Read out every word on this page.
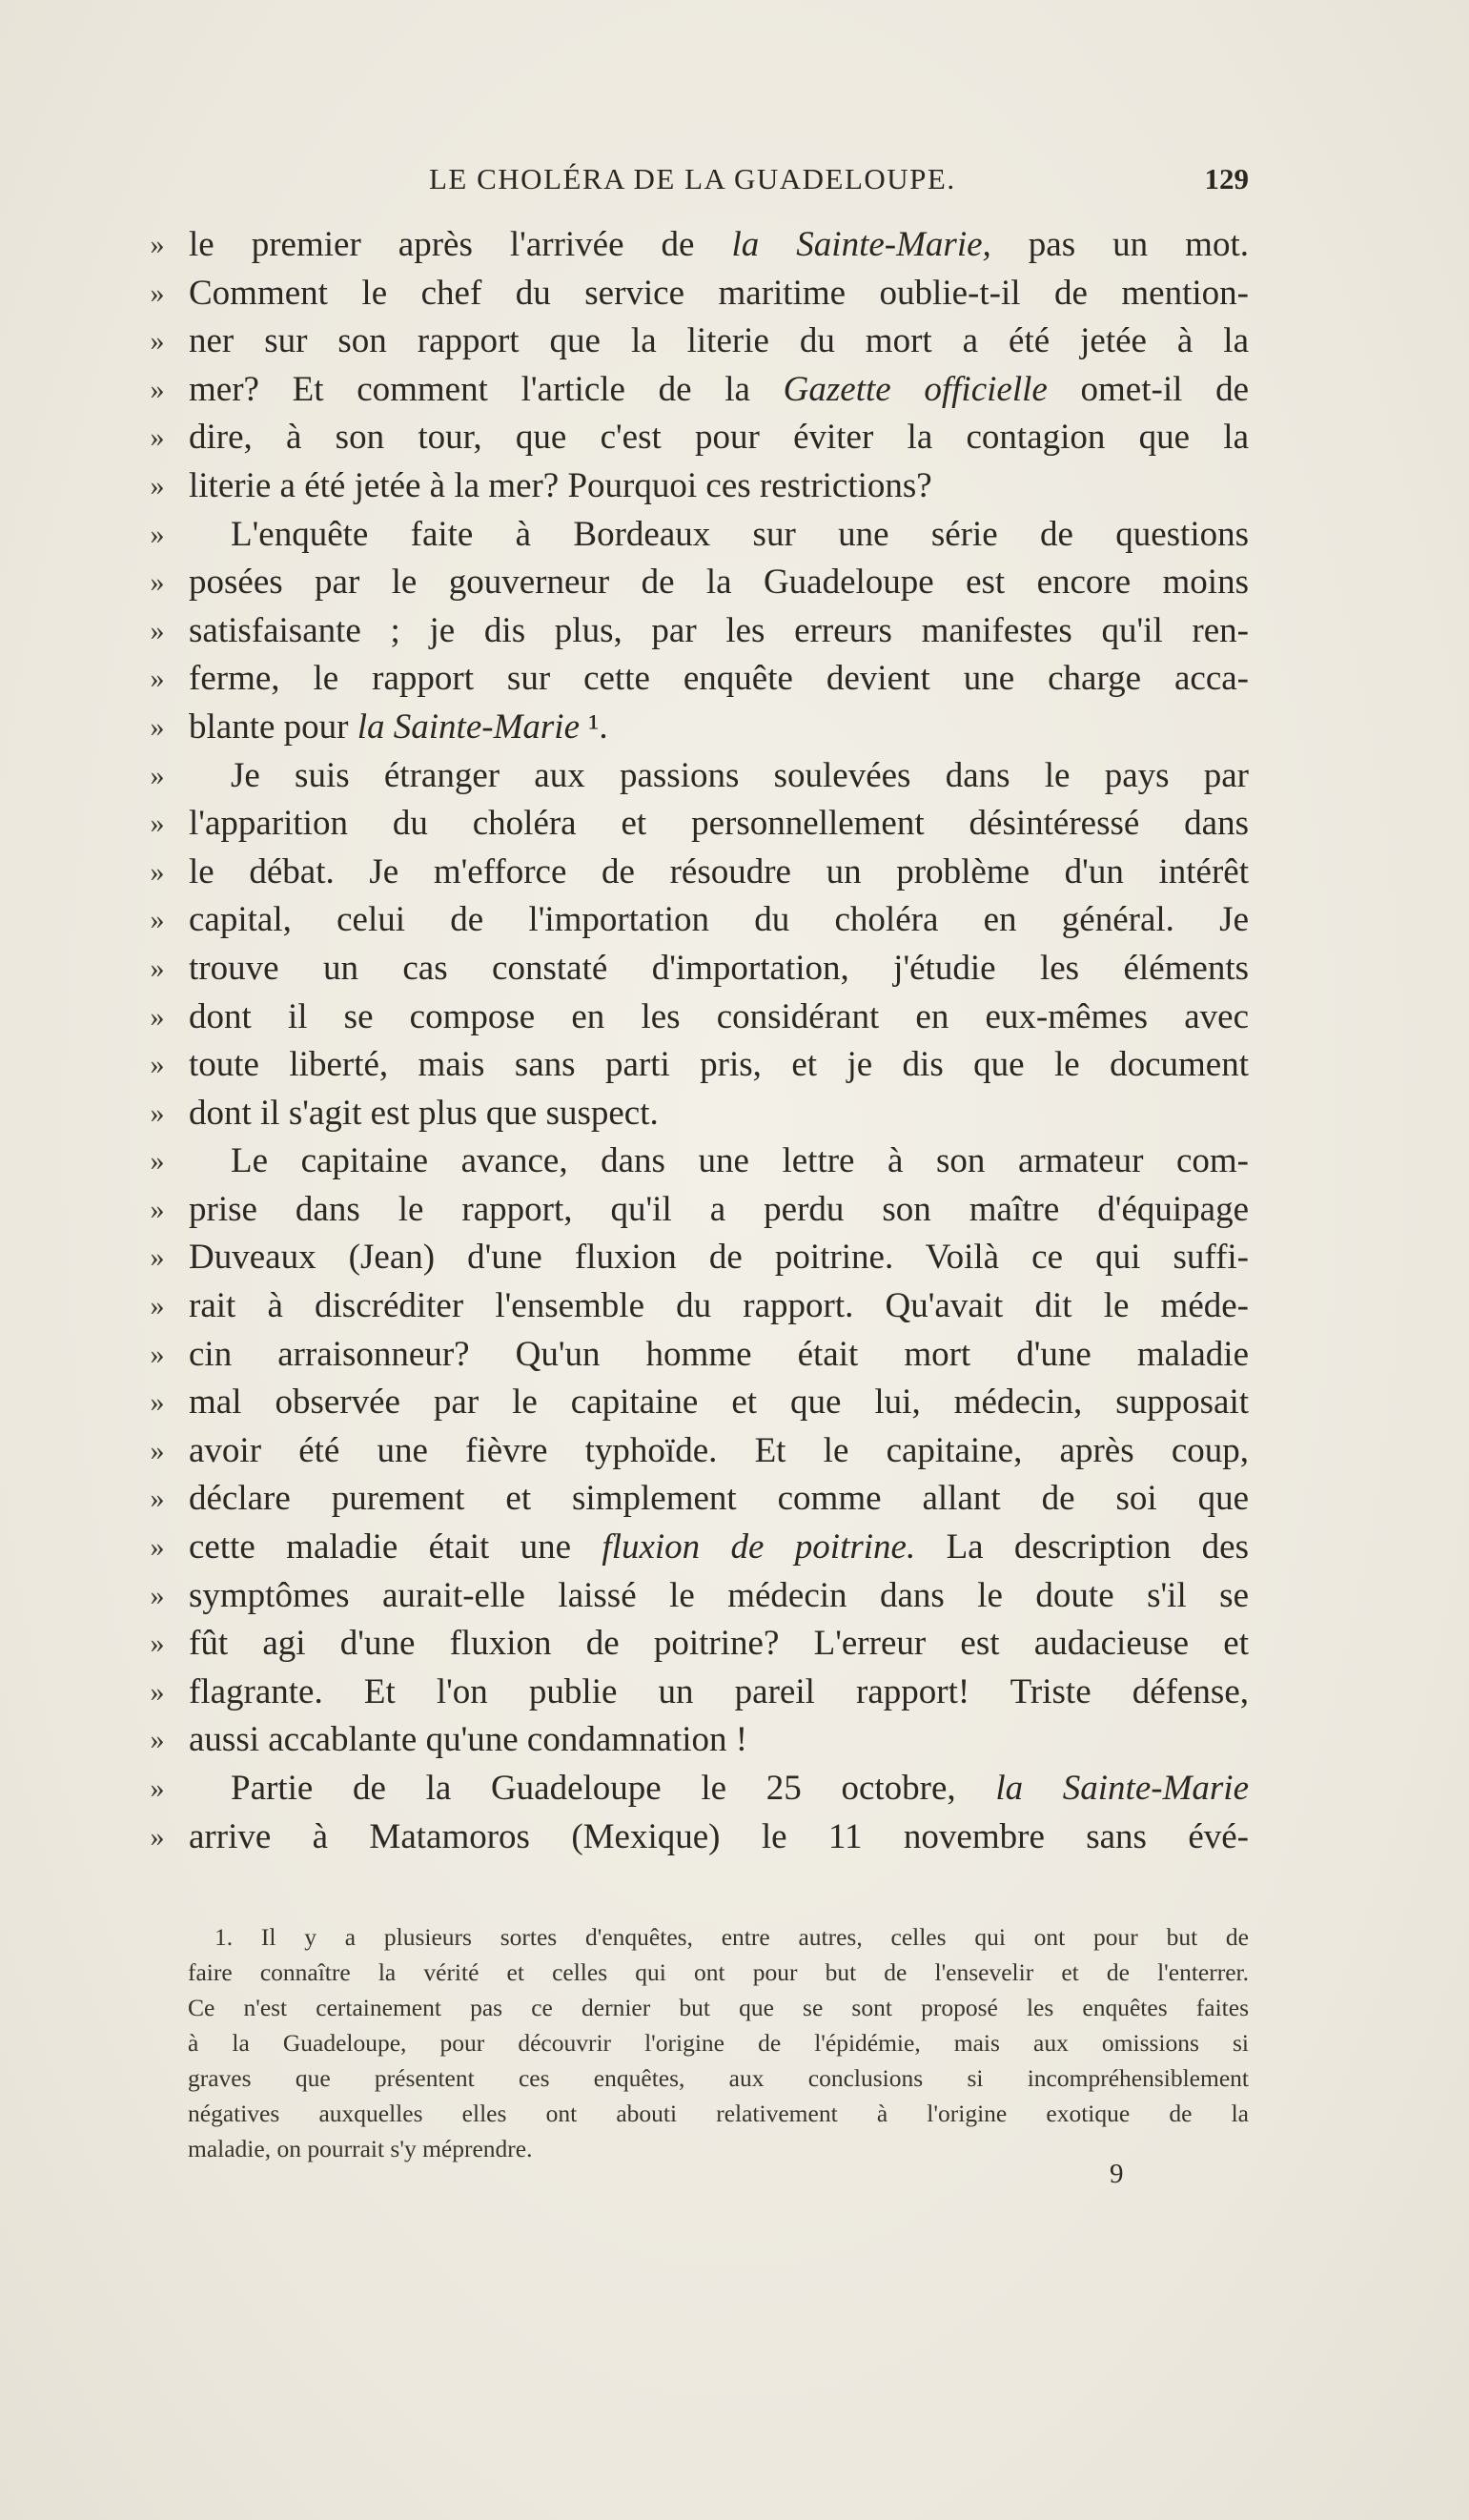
LE CHOLÉRA DE LA GUADELOUPE.	129
» le premier après l'arrivée de la Sainte-Marie, pas un mot.
» Comment le chef du service maritime oublie-t-il de mention-
» ner sur son rapport que la literie du mort a été jetée à la
» mer? Et comment l'article de la Gazette officielle omet-il de
» dire, à son tour, que c'est pour éviter la contagion que la
» literie a été jetée à la mer? Pourquoi ces restrictions?
» L'enquête faite à Bordeaux sur une série de questions
» posées par le gouverneur de la Guadeloupe est encore moins
» satisfaisante ; je dis plus, par les erreurs manifestes qu'il ren-
» ferme, le rapport sur cette enquête devient une charge acca-
» blante pour la Sainte-Marie ¹.
» Je suis étranger aux passions soulevées dans le pays par
» l'apparition du choléra et personnellement désintéressé dans
» le débat. Je m'efforce de résoudre un problème d'un intérêt
» capital, celui de l'importation du choléra en général. Je
» trouve un cas constaté d'importation, j'étudie les éléments
» dont il se compose en les considérant en eux-mêmes avec
» toute liberté, mais sans parti pris, et je dis que le document
» dont il s'agit est plus que suspect.
» Le capitaine avance, dans une lettre à son armateur com-
» prise dans le rapport, qu'il a perdu son maître d'équipage
» Duveaux (Jean) d'une fluxion de poitrine. Voilà ce qui suffi-
» rait à discréditer l'ensemble du rapport. Qu'avait dit le méde-
» cin arraisonneur? Qu'un homme était mort d'une maladie
» mal observée par le capitaine et que lui, médecin, supposait
» avoir été une fièvre typhoïde. Et le capitaine, après coup,
» déclare purement et simplement comme allant de soi que
» cette maladie était une fluxion de poitrine. La description des
» symptômes aurait-elle laissé le médecin dans le doute s'il se
» fût agi d'une fluxion de poitrine? L'erreur est audacieuse et
» flagrante. Et l'on publie un pareil rapport! Triste défense,
» aussi accablante qu'une condamnation !
» Partie de la Guadeloupe le 25 octobre, la Sainte-Marie
» arrive à Matamoros (Mexique) le 11 novembre sans évé-
1. Il y a plusieurs sortes d'enquêtes, entre autres, celles qui ont pour but de
faire connaître la vérité et celles qui ont pour but de l'ensevelir et de l'enterrer.
Ce n'est certainement pas ce dernier but que se sont proposé les enquêtes faites
à la Guadeloupe, pour découvrir l'origine de l'épidémie, mais aux omissions si
graves que présentent ces enquêtes, aux conclusions si incompréhensiblement
négatives auxquelles elles ont abouti relativement à l'origine exotique de la
maladie, on pourrait s'y méprendre.
9
